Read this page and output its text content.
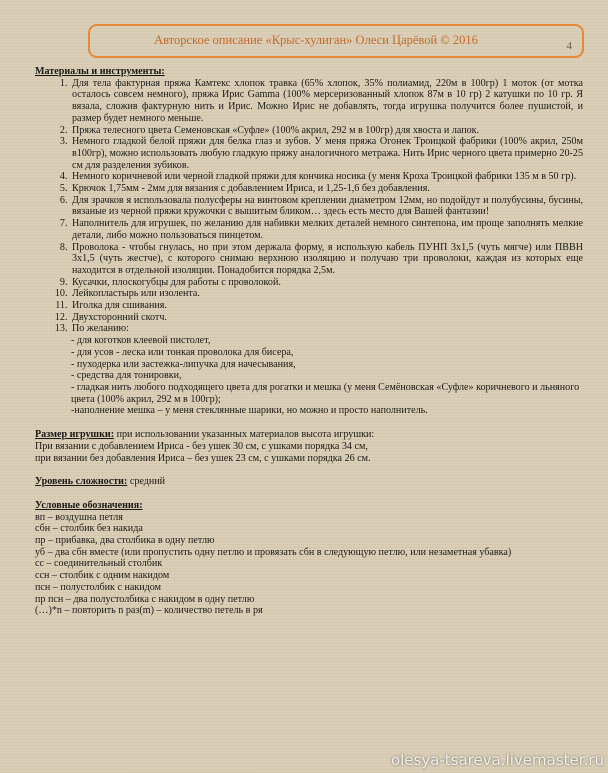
Авторское описание «Крыс-хулиган» Олеси Царёвой © 2016	4

Материалы и инструменты:

1. Для тела фактурная пряжа Камтекс хлопок травка (65% хлопок, 35% полиамид, 220м в 100гр) 1 моток (от мотка осталось совсем немного), пряжа Ирис Gamma (100% мерсеризованный хлопок 87м в 10 гр) 2 катушки по 10 гр. Я вязала, сложив фактурную нить и Ирис. Можно Ирис не добавлять, тогда игрушка получится более пушистой, и размер будет немного меньше.
2. Пряжа телесного цвета Семеновская «Суфле» (100% акрил, 292 м в 100гр) для хвоста и лапок.
3. Немного гладкой белой пряжи для белка глаз и зубов. У меня пряжа Огонек Троицкой фабрики (100% акрил, 250м в100гр), можно использовать любую гладкую пряжу аналогичного метража. Нить Ирис черного цвета примерно 20-25 см для разделения зубиков.
4. Немного коричневой или черной гладкой пряжи для кончика носика (у меня Кроха Троицкой фабрики 135 м в 50 гр).
5. Крючок 1,75мм - 2мм для вязания с добавлением Ириса, и 1,25-1,6 без добавления.
6. Для зрачков я использовала полусферы на винтовом креплении диаметром 12мм, но подойдут и полубусины, бусины, вязаные из черной пряжи кружочки с вышитым бликом… здесь есть место для Вашей фантазии!
7. Наполнитель для игрушек, по желанию для набивки мелких деталей немного синтепона, им проще заполнять мелкие детали, либо можно пользоваться пинцетом.
8. Проволока - чтобы гнулась, но при этом держала форму, я использую кабель ПУНП 3х1,5 (чуть мягче) или ПВВН 3х1,5 (чуть жестче), с которого снимаю верхнюю изоляцию и получаю три проволоки, каждая из которых еще находится в отдельной изоляции. Понадобится порядка 2,5м.
9. Кусачки, плоскогубцы для работы с проволокой.
10. Лейкопластырь или изолента.
11. Иголка для сшивания.
12. Двухсторонний скотч.
13. По желанию:

- для коготков клеевой пистолет,

- для усов - леска или тонкая проволока для бисера,

- пуходерка или застежка-липучка для начесывания,

- средства для тонировки,

- гладкая нить любого подходящего цвета для рогатки и мешка (у меня Семёновская «Суфле» коричневого и льняного цвета (100% акрил, 292 м в 100гр);

-наполнение мешка – у меня стеклянные шарики, но можно и просто наполнитель.

Размер игрушки: при использовании указанных материалов высота игрушки:

При вязании с добавлением Ириса - без ушек 30 см, с ушками порядка 34 см,

при вязании без добавления Ириса – без ушек 23 см, с ушками порядка 26 см.

Уровень сложности: средний

Условные обозначения:

вп – воздушна петля

сбн – столбик без накида

пр – прибавка, два столбика в одну петлю

уб – два сбн вместе (или пропустить одну петлю и провязать сбн в следующую петлю, или незаметная убавка)

сс – соединительный столбик

ссн – столбик с одним накидом

псн – полустолбик с накидом

пр псн – два полустолбика с накидом в одну петлю

(…)*n – повторить n раз(m) – количество петель в ря

olesya-tsareva.livemaster.ru
